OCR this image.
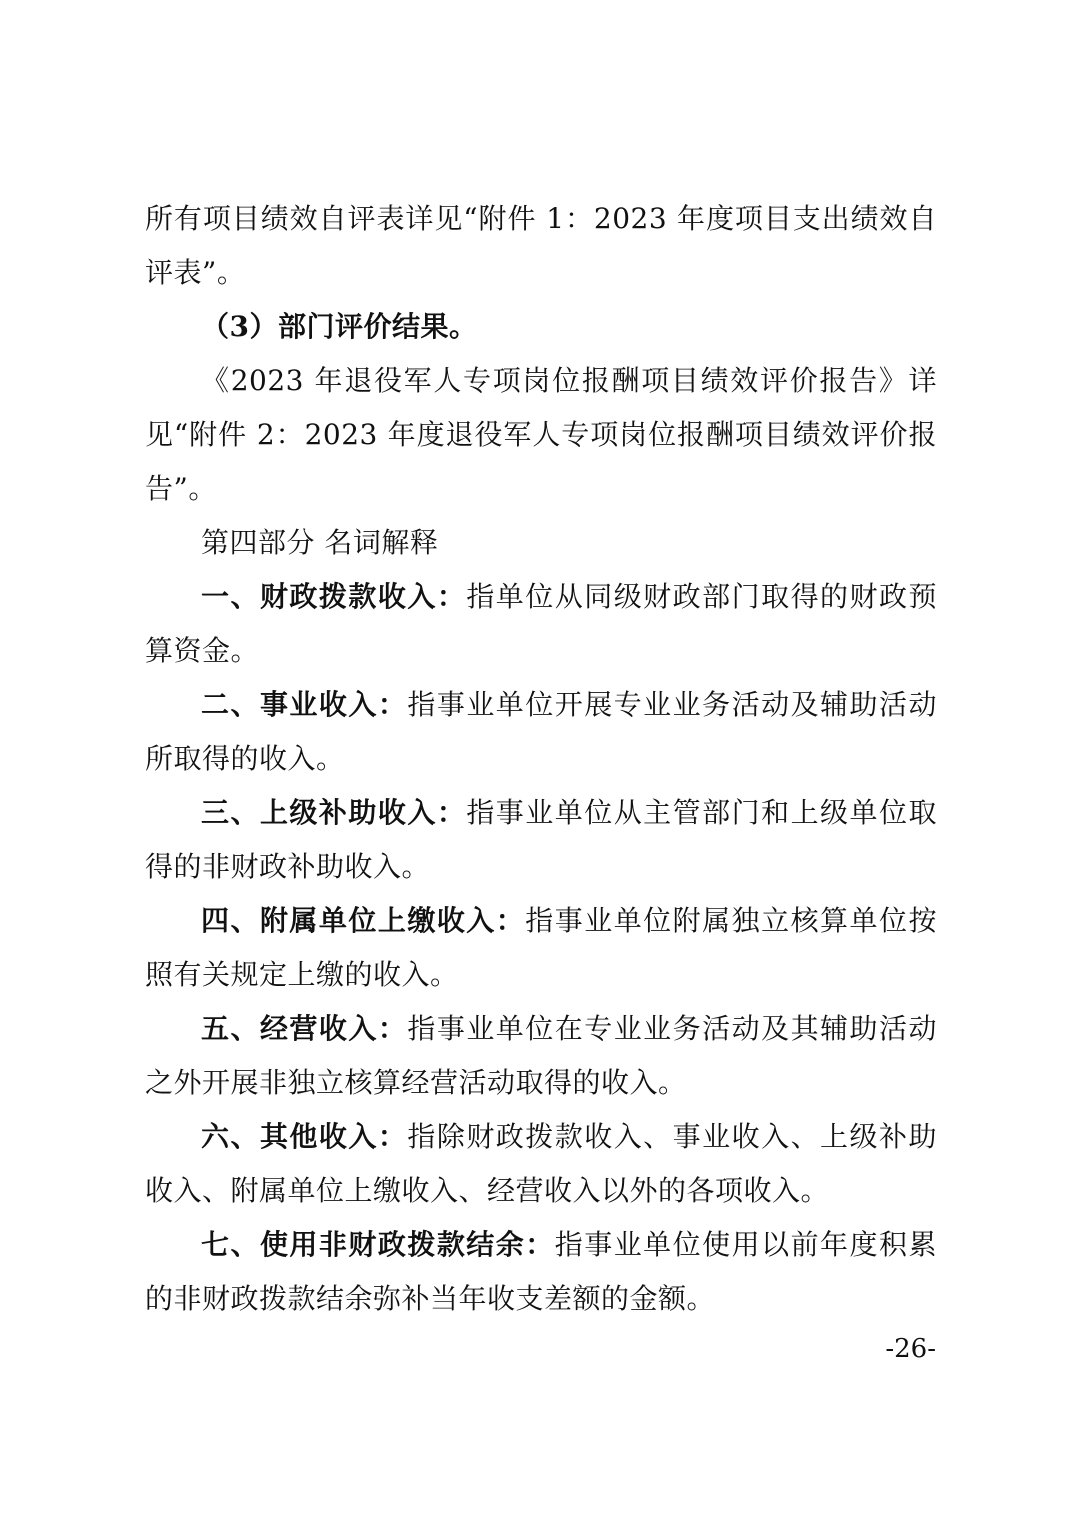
所有项目绩效自评表详见“附件 1：2023 年度项目支出绩效自评表”。

（3）部门评价结果。

《2023 年退役军人专项岗位报酬项目绩效评价报告》详见“附件 2：2023 年度退役军人专项岗位报酬项目绩效评价报告”。

第四部分 名词解释

一、财政拨款收入：指单位从同级财政部门取得的财政预算资金。

二、事业收入：指事业单位开展专业业务活动及辅助活动所取得的收入。

三、上级补助收入：指事业单位从主管部门和上级单位取得的非财政补助收入。

四、附属单位上缴收入：指事业单位附属独立核算单位按照有关规定上缴的收入。

五、经营收入：指事业单位在专业业务活动及其辅助活动之外开展非独立核算经营活动取得的收入。

六、其他收入：指除财政拨款收入、事业收入、上级补助收入、附属单位上缴收入、经营收入以外的各项收入。

七、使用非财政拨款结余：指事业单位使用以前年度积累的非财政拨款结余弥补当年收支差额的金额。

-26-
